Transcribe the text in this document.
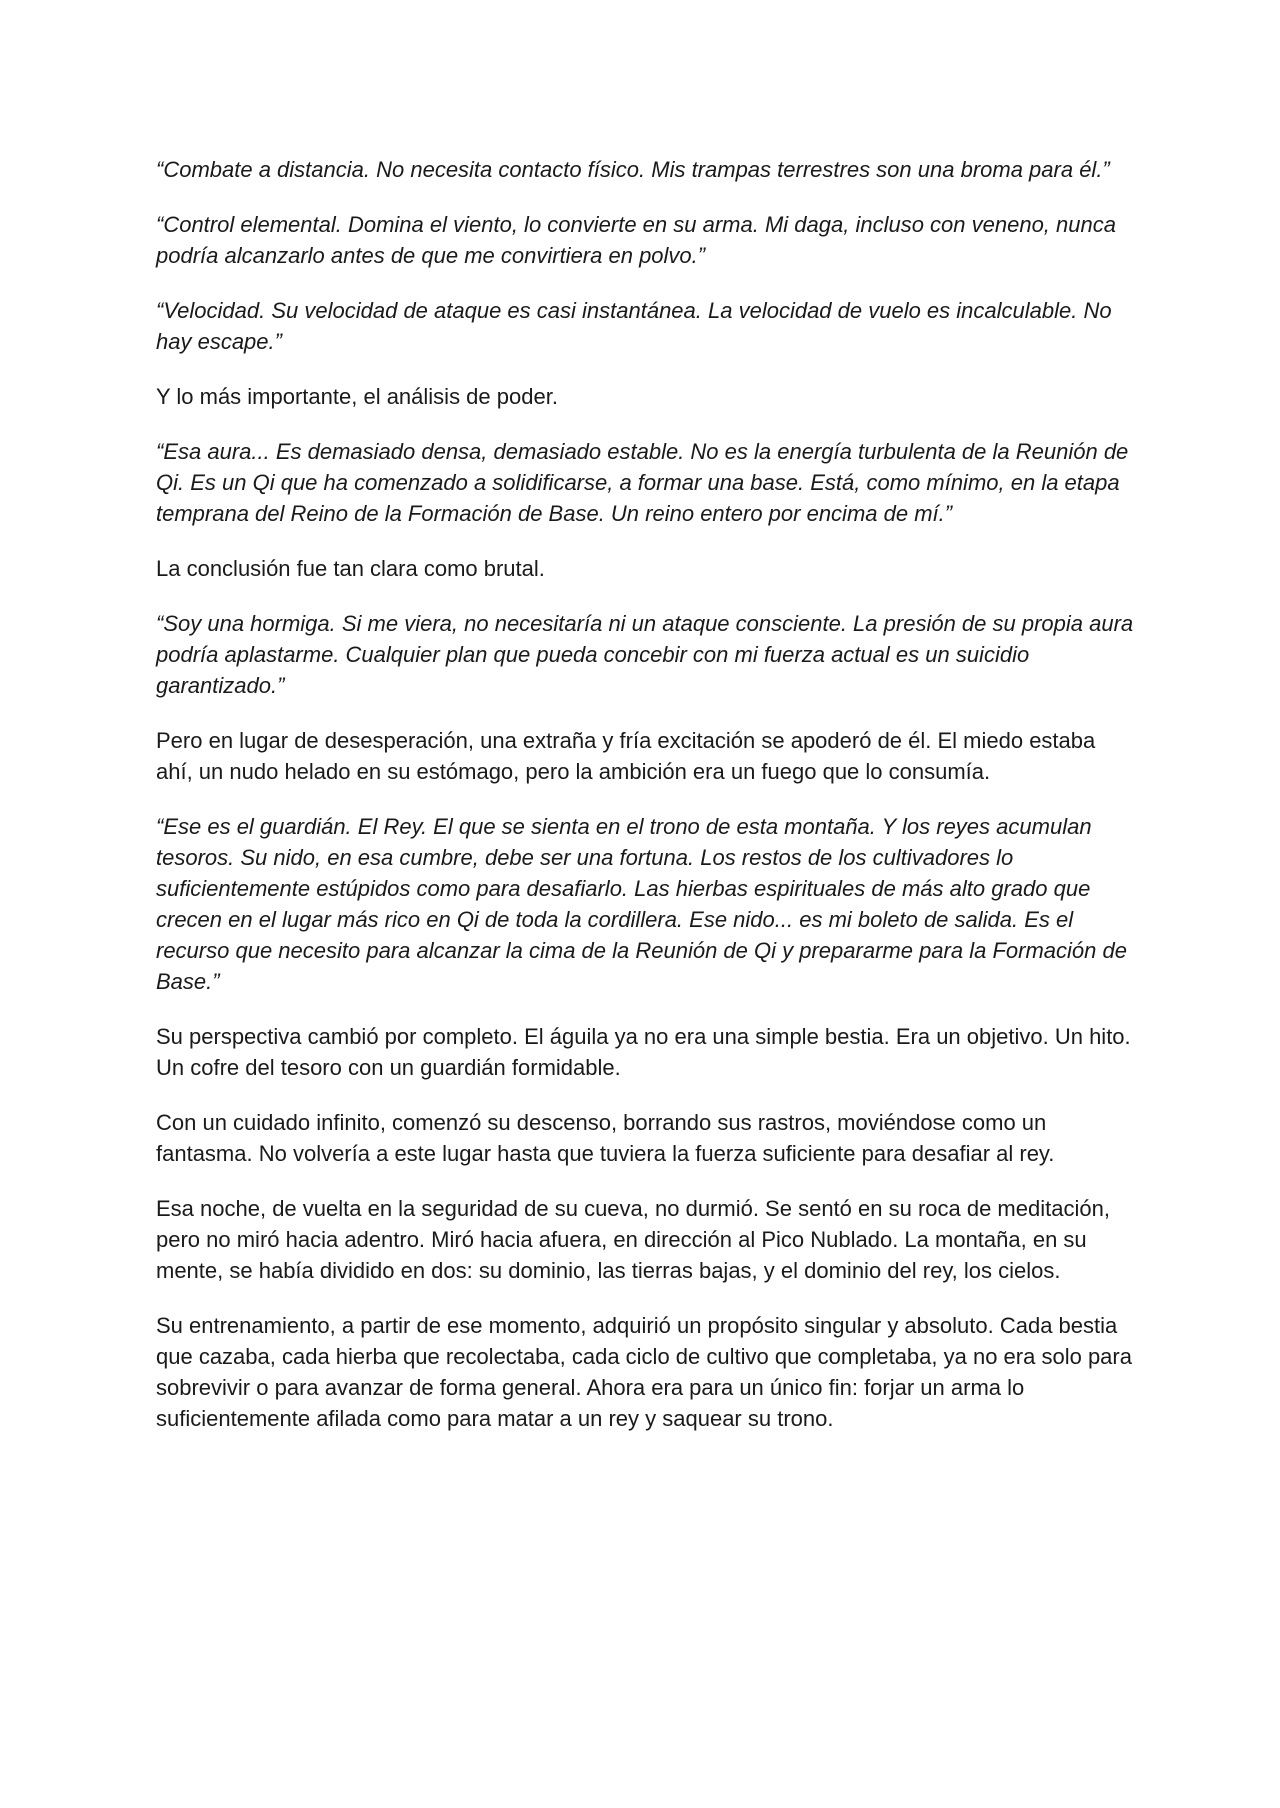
“Combate a distancia. No necesita contacto físico. Mis trampas terrestres son una broma para él.”

“Control elemental. Domina el viento, lo convierte en su arma. Mi daga, incluso con veneno, nunca podría alcanzarlo antes de que me convirtiera en polvo.”

“Velocidad. Su velocidad de ataque es casi instantánea. La velocidad de vuelo es incalculable. No hay escape.”

Y lo más importante, el análisis de poder.

“Esa aura... Es demasiado densa, demasiado estable. No es la energía turbulenta de la Reunión de Qi. Es un Qi que ha comenzado a solidificarse, a formar una base. Está, como mínimo, en la etapa temprana del Reino de la Formación de Base. Un reino entero por encima de mí.”

La conclusión fue tan clara como brutal.

“Soy una hormiga. Si me viera, no necesitaría ni un ataque consciente. La presión de su propia aura podría aplastarme. Cualquier plan que pueda concebir con mi fuerza actual es un suicidio garantizado.”

Pero en lugar de desesperación, una extraña y fría excitación se apoderó de él. El miedo estaba ahí, un nudo helado en su estómago, pero la ambición era un fuego que lo consumía.

“Ese es el guardián. El Rey. El que se sienta en el trono de esta montaña. Y los reyes acumulan tesoros. Su nido, en esa cumbre, debe ser una fortuna. Los restos de los cultivadores lo suficientemente estúpidos como para desafiarlo. Las hierbas espirituales de más alto grado que crecen en el lugar más rico en Qi de toda la cordillera. Ese nido... es mi boleto de salida. Es el recurso que necesito para alcanzar la cima de la Reunión de Qi y prepararme para la Formación de Base.”

Su perspectiva cambió por completo. El águila ya no era una simple bestia. Era un objetivo. Un hito. Un cofre del tesoro con un guardián formidable.

Con un cuidado infinito, comenzó su descenso, borrando sus rastros, moviéndose como un fantasma. No volvería a este lugar hasta que tuviera la fuerza suficiente para desafiar al rey.

Esa noche, de vuelta en la seguridad de su cueva, no durmió. Se sentó en su roca de meditación, pero no miró hacia adentro. Miró hacia afuera, en dirección al Pico Nublado. La montaña, en su mente, se había dividido en dos: su dominio, las tierras bajas, y el dominio del rey, los cielos.

Su entrenamiento, a partir de ese momento, adquirió un propósito singular y absoluto. Cada bestia que cazaba, cada hierba que recolectaba, cada ciclo de cultivo que completaba, ya no era solo para sobrevivir o para avanzar de forma general. Ahora era para un único fin: forjar un arma lo suficientemente afilada como para matar a un rey y saquear su trono.
